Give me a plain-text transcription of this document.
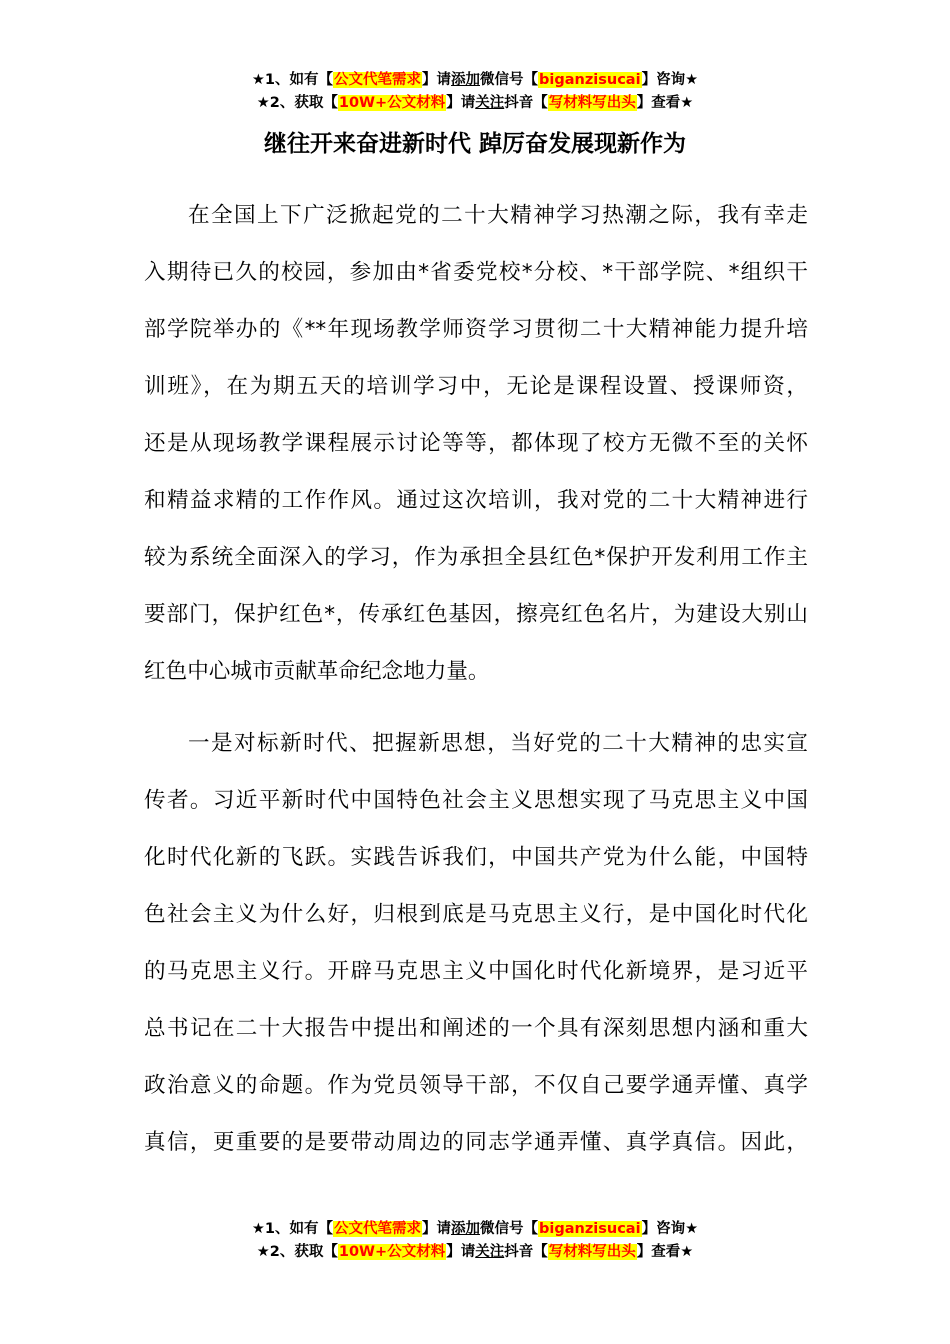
★1、如有【公文代笔需求】请添加微信号【biganzisucai】咨询★
★2、获取【10W+公文材料】请关注抖音【写材料写出头】查看★
继往开来奋进新时代 踔厉奋发展现新作为
在全国上下广泛掀起党的二十大精神学习热潮之际，我有幸走
入期待已久的校园，参加由*省委党校*分校、*干部学院、*组织干
部学院举办的《**年现场教学师资学习贯彻二十大精神能力提升培
训班》，在为期五天的培训学习中，无论是课程设置、授课师资，
还是从现场教学课程展示讨论等等，都体现了校方无微不至的关怀
和精益求精的工作作风。通过这次培训，我对党的二十大精神进行
较为系统全面深入的学习，作为承担全县红色*保护开发利用工作主
要部门，保护红色*，传承红色基因，擦亮红色名片，为建设大别山
红色中心城市贡献革命纪念地力量。
一是对标新时代、把握新思想，当好党的二十大精神的忠实宣
传者。习近平新时代中国特色社会主义思想实现了马克思主义中国
化时代化新的飞跃。实践告诉我们，中国共产党为什么能，中国特
色社会主义为什么好，归根到底是马克思主义行，是中国化时代化
的马克思主义行。开辟马克思主义中国化时代化新境界，是习近平
总书记在二十大报告中提出和阐述的一个具有深刻思想内涵和重大
政治意义的命题。作为党员领导干部，不仅自己要学通弄懂、真学
真信，更重要的是要带动周边的同志学通弄懂、真学真信。因此，
★1、如有【公文代笔需求】请添加微信号【biganzisucai】咨询★
★2、获取【10W+公文材料】请关注抖音【写材料写出头】查看★
